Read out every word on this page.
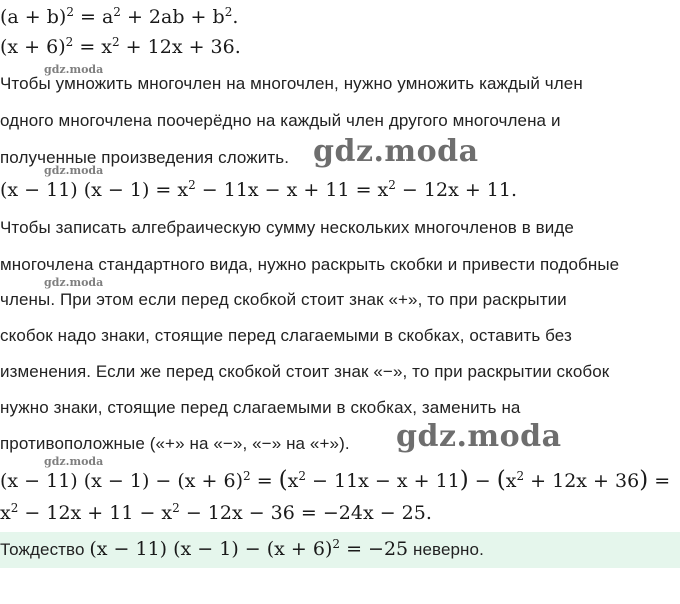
$(a + b)^2 = a^2 + 2ab + b^2$.
$(x + 6)^2 = x^2 + 12x + 36$.
gdz.moda
Чтобы умножить многочлен на многочлен, нужно умножить каждый член
одного многочлена поочерёдно на каждый член другого многочлена и
полученные произведения сложить. gdz.moda
gdz.moda
(x − 11) $(x - 1) = x^2 - 11x - x + 11 = x^2 - 12x + 11$.
Чтобы записать алгебраическую сумму нескольких многочленов в виде
многочлена стандартного вида, нужно раскрыть скобки и привести подобные
gdz.moda
члены. При этом если перед скобкой стоит знак «+», то при раскрытии
скобок надо знаки, стоящие перед слагаемыми в скобках, оставить без
изменения. Если же перед скобкой стоит знак «−», то при раскрытии скобок
нужно знаки, стоящие перед слагаемыми в скобках, заменить на
противоположные («+» на «−», «−» на «+»). gdz.moda
gdz.moda
(x − 11) $(x - 1) - (x + 6)^2 = (x^2 - 11x - x + 11) - (x^2 + 12x + 36)$ =
$x^2 - 12x + 11 - x^2 - 12x - 36 = -24x - 25$.
Тождество (x − 11) $(x - 1) - (x + 6)^2 = -25$ неверно.
